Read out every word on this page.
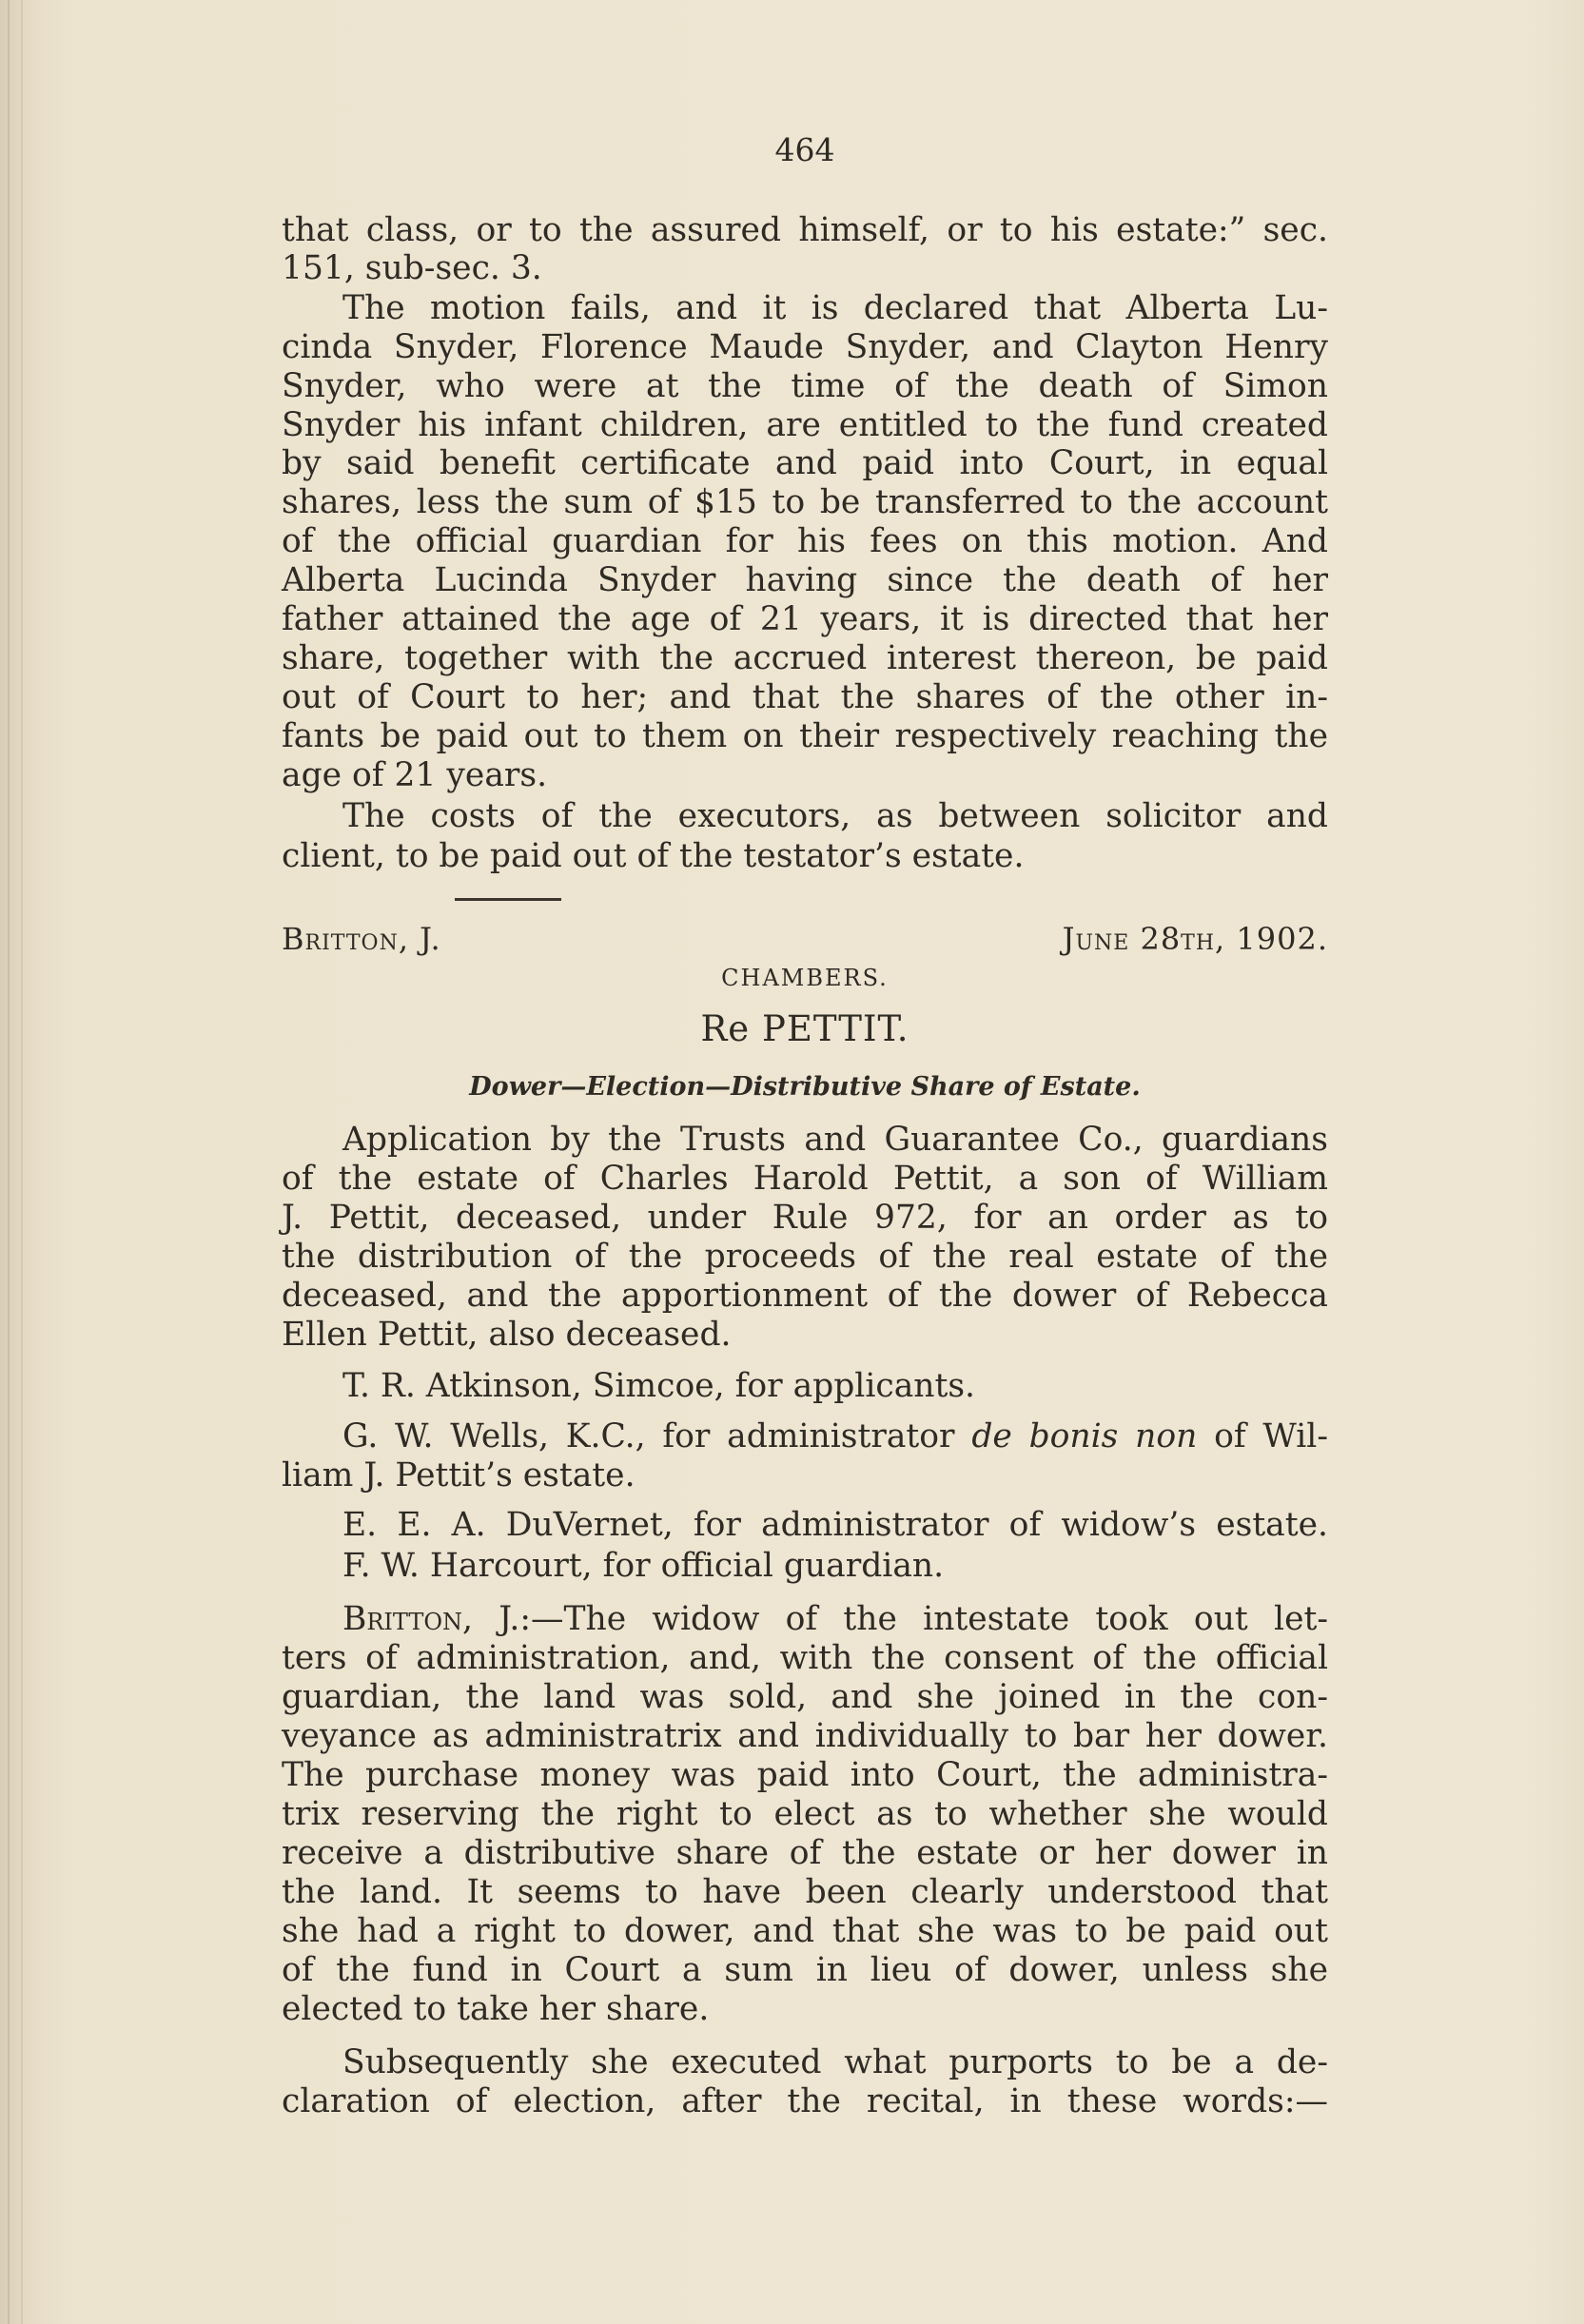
464
that class, or to the assured himself, or to his estate:” sec.
151, sub-sec. 3.
The motion fails, and it is declared that Alberta Lu-
cinda Snyder, Florence Maude Snyder, and Clayton Henry
Snyder, who were at the time of the death of Simon
Snyder his infant children, are entitled to the fund created
by said benefit certificate and paid into Court, in equal
shares, less the sum of $15 to be transferred to the account
of the official guardian for his fees on this motion. And
Alberta Lucinda Snyder having since the death of her
father attained the age of 21 years, it is directed that her
share, together with the accrued interest thereon, be paid
out of Court to her; and that the shares of the other in-
fants be paid out to them on their respectively reaching the
age of 21 years.
The costs of the executors, as between solicitor and
client, to be paid out of the testator’s estate.
Britton, J.	June 28th, 1902.
CHAMBERS.
Re PETTIT.
Dower—Election—Distributive Share of Estate.
Application by the Trusts and Guarantee Co., guardians
of the estate of Charles Harold Pettit, a son of William
J. Pettit, deceased, under Rule 972, for an order as to
the distribution of the proceeds of the real estate of the
deceased, and the apportionment of the dower of Rebecca
Ellen Pettit, also deceased.
T. R. Atkinson, Simcoe, for applicants.
G. W. Wells, K.C., for administrator de bonis non of Wil-
liam J. Pettit’s estate.
E. E. A. DuVernet, for administrator of widow’s estate.
F. W. Harcourt, for official guardian.
Britton, J.:—The widow of the intestate took out let-
ters of administration, and, with the consent of the official
guardian, the land was sold, and she joined in the con-
veyance as administratrix and individually to bar her dower.
The purchase money was paid into Court, the administra-
trix reserving the right to elect as to whether she would
receive a distributive share of the estate or her dower in
the land. It seems to have been clearly understood that
she had a right to dower, and that she was to be paid out
of the fund in Court a sum in lieu of dower, unless she
elected to take her share.
Subsequently she executed what purports to be a de-
claration of election, after the recital, in these words:—
